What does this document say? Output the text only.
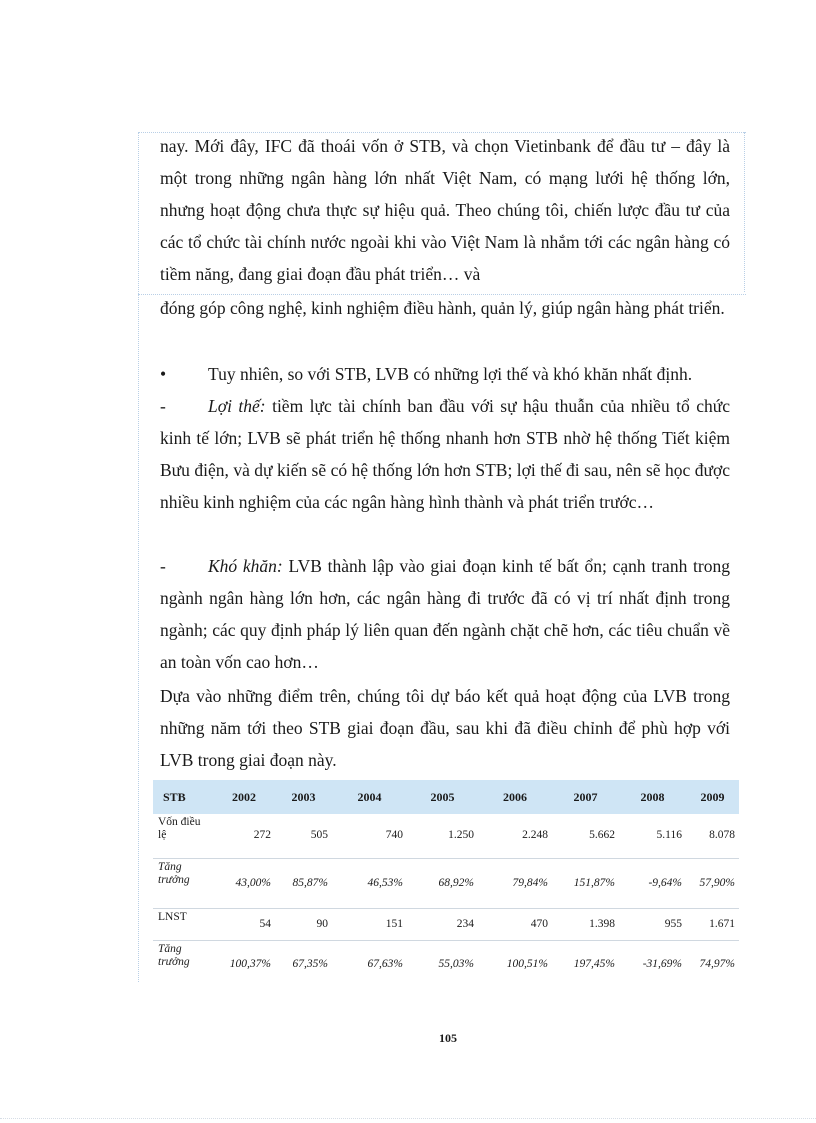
nay. Mới đây, IFC đã thoái vốn ở STB, và chọn Vietinbank để đầu tư – đây là một trong những ngân hàng lớn nhất Việt Nam, có mạng lưới hệ thống lớn, nhưng hoạt động chưa thực sự hiệu quả. Theo chúng tôi, chiến lược đầu tư của các tổ chức tài chính nước ngoài khi vào Việt Nam là nhắm tới các ngân hàng có tiềm năng, đang giai đoạn đầu phát triển… và

đóng góp công nghệ, kinh nghiệm điều hành, quản lý, giúp ngân hàng phát triển.

• Tuy nhiên, so với STB, LVB có những lợi thế và khó khăn nhất định.
- Lợi thế: tiềm lực tài chính ban đầu với sự hậu thuẫn của nhiều tổ chức kinh tế lớn; LVB sẽ phát triển hệ thống nhanh hơn STB nhờ hệ thống Tiết kiệm Bưu điện, và dự kiến sẽ có hệ thống lớn hơn STB; lợi thế đi sau, nên sẽ học được nhiều kinh nghiệm của các ngân hàng hình thành và phát triển trước…
- Khó khăn: LVB thành lập vào giai đoạn kinh tế bất ổn; cạnh tranh trong ngành ngân hàng lớn hơn, các ngân hàng đi trước đã có vị trí nhất định trong ngành; các quy định pháp lý liên quan đến ngành chặt chẽ hơn, các tiêu chuẩn về an toàn vốn cao hơn…

Dựa vào những điểm trên, chúng tôi dự báo kết quả hoạt động của LVB trong những năm tới theo STB giai đoạn đầu, sau khi đã điều chỉnh để phù hợp với LVB trong giai đoạn này.

STB	2002	2003	2004	2005	2006	2007	2008	2009
Vốn điều lệ	272	505	740	1.250	2.248	5.662	5.116	8.078
Tăng trưởng	43,00%	85,87%	46,53%	68,92%	79,84%	151,87%	-9,64%	57,90%
LNST	54	90	151	234	470	1.398	955	1.671
Tăng trưởng	100,37%	67,35%	67,63%	55,03%	100,51%	197,45%	-31,69%	74,97%
105
